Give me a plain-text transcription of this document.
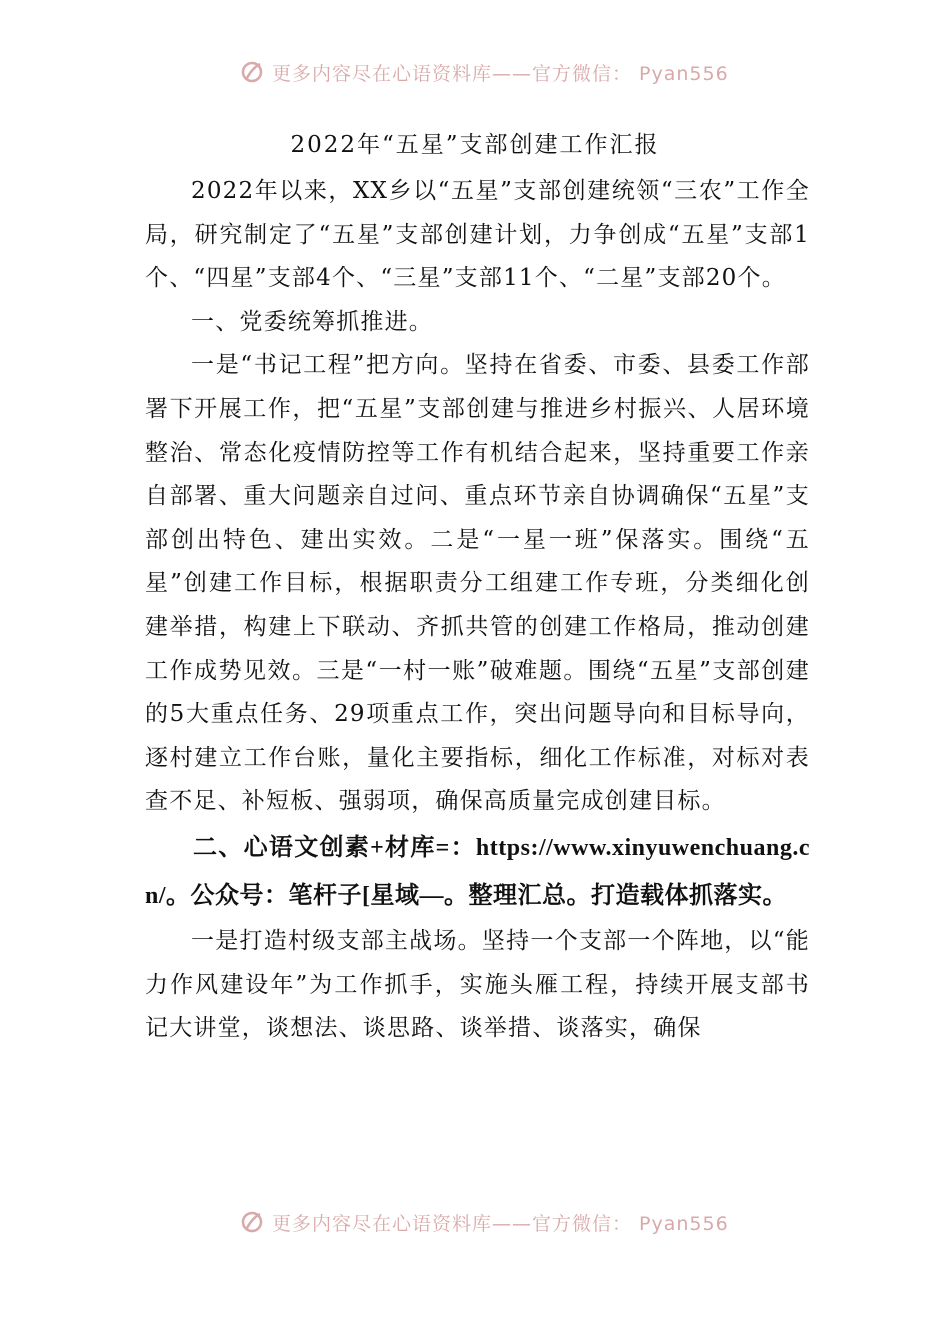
更多内容尽在心语资料库——官方微信： Pyan556
2022年“五星”支部创建工作汇报

2022年以来，XX乡以“五星”支部创建统领“三农”工作全局，研究制定了“五星”支部创建计划，力争创成“五星”支部1个、“四星”支部4个、“三星”支部11个、“二星”支部20个。

一、党委统筹抓推进。

一是“书记工程”把方向。坚持在省委、市委、县委工作部署下开展工作，把“五星”支部创建与推进乡村振兴、人居环境整治、常态化疫情防控等工作有机结合起来，坚持重要工作亲自部署、重大问题亲自过问、重点环节亲自协调确保“五星”支部创出特色、建出实效。二是“一星一班”保落实。围绕“五星”创建工作目标，根据职责分工组建工作专班，分类细化创建举措，构建上下联动、齐抓共管的创建工作格局，推动创建工作成势见效。三是“一村一账”破难题。围绕“五星”支部创建的5大重点任务、29项重点工作，突出问题导向和目标导向，逐村建立工作台账，量化主要指标，细化工作标准，对标对表查不足、补短板、强弱项，确保高质量完成创建目标。

二、心语文创素+材库=：https://www.xinyuwenchuang.cn/。公众号：笔杆子[星域—。整理汇总。打造载体抓落实。

一是打造村级支部主战场。坚持一个支部一个阵地，以“能力作风建设年”为工作抓手，实施头雁工程，持续开展支部书记大讲堂，谈想法、谈思路、谈举措、谈落实，确保

更多内容尽在心语资料库——官方微信： Pyan556
